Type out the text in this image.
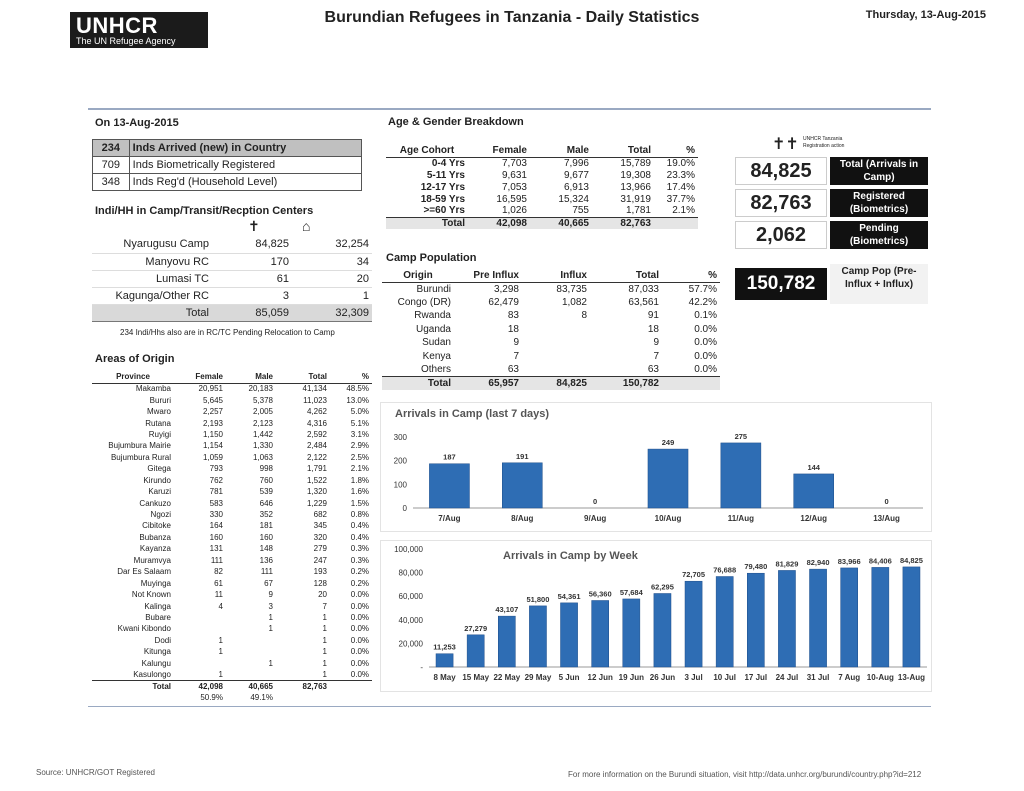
UNHCR
The UN Refugee Agency
Burundian Refugees in Tanzania - Daily Statistics	Thursday, 13-Aug-2015
On 13-Aug-2015
234	Inds Arrived (new) in Country
709	Inds Biometrically Registered
348	Inds Reg'd (Household Level)
Indi/HH in Camp/Transit/Recption Centers
✝	⌂
Nyarugusu Camp	84,825	32,254
Manyovu RC	170	34
Lumasi TC	61	20
Kagunga/Other RC	3	1
Total	85,059	32,309
234 Indi/Hhs also are in RC/TC Pending Relocation to Camp
Areas of Origin
Province	Female	Male	Total	%
Makamba	20,951	20,183	41,134	48.5%
Bururi	5,645	5,378	11,023	13.0%
Mwaro	2,257	2,005	4,262	5.0%
Rutana	2,193	2,123	4,316	5.1%
Ruyigi	1,150	1,442	2,592	3.1%
Bujumbura Mairie	1,154	1,330	2,484	2.9%
Bujumbura Rural	1,059	1,063	2,122	2.5%
Gitega	793	998	1,791	2.1%
Kirundo	762	760	1,522	1.8%
Karuzi	781	539	1,320	1.6%
Cankuzo	583	646	1,229	1.5%
Ngozi	330	352	682	0.8%
Cibitoke	164	181	345	0.4%
Bubanza	160	160	320	0.4%
Kayanza	131	148	279	0.3%
Muramvya	111	136	247	0.3%
Dar Es Salaam	82	111	193	0.2%
Muyinga	61	67	128	0.2%
Not Known	11	9	20	0.0%
Kalinga	4	3	7	0.0%
Bubare		1	1	0.0%
Kwani Kibondo		1	1	0.0%
Dodi	1		1	0.0%
Kitunga	1		1	0.0%
Kalungu		1	1	0.0%
Kasulongo	1		1	0.0%
Total	42,098	40,665	82,763	
	50.9%	49.1%		
Age & Gender Breakdown
Age Cohort	Female	Male	Total	%
0-4 Yrs	7,703	7,996	15,789	19.0%
5-11 Yrs	9,631	9,677	19,308	23.3%
12-17 Yrs	7,053	6,913	13,966	17.4%
18-59 Yrs	16,595	15,324	31,919	37.7%
>=60 Yrs	1,026	755	1,781	2.1%
Total	42,098	40,665	82,763	
Camp Population
Origin	Pre Influx	Influx	Total	%
Burundi	3,298	83,735	87,033	57.7%
Congo (DR)	62,479	1,082	63,561	42.2%
Rwanda	83	8	91	0.1%
Uganda	18		18	0.0%
Sudan	9		9	0.0%
Kenya	7		7	0.0%
Others	63		63	0.0%
Total	65,957	84,825	150,782	
✝✝ UNHCR Tanzania
Registration action
84,825	Total (Arrivals in Camp)
82,763	Registered (Biometrics)
2,062	Pending (Biometrics)
150,782
Camp Pop (Pre-Influx + Influx)
Arrivals in Camp (last 7 days)
0
100
200
300
187
7/Aug
191
8/Aug
0
9/Aug
249
10/Aug
275
11/Aug
144
12/Aug
0
13/Aug
Arrivals in Camp by Week
-
20,000
40,000
60,000
80,000
100,000
11,253
8 May
27,279
15 May
43,107
22 May
51,800
29 May
54,361
5 Jun
56,360
12 Jun
57,684
19 Jun
62,295
26 Jun
72,705
3 Jul
76,688
10 Jul
79,480
17 Jul
81,829
24 Jul
82,940
31 Jul
83,966
7 Aug
84,406
10-Aug
84,825
13-Aug
Source: UNHCR/GOT Registered	For more information on the Burundi situation, visit http://data.unhcr.org/burundi/country.php?id=212
